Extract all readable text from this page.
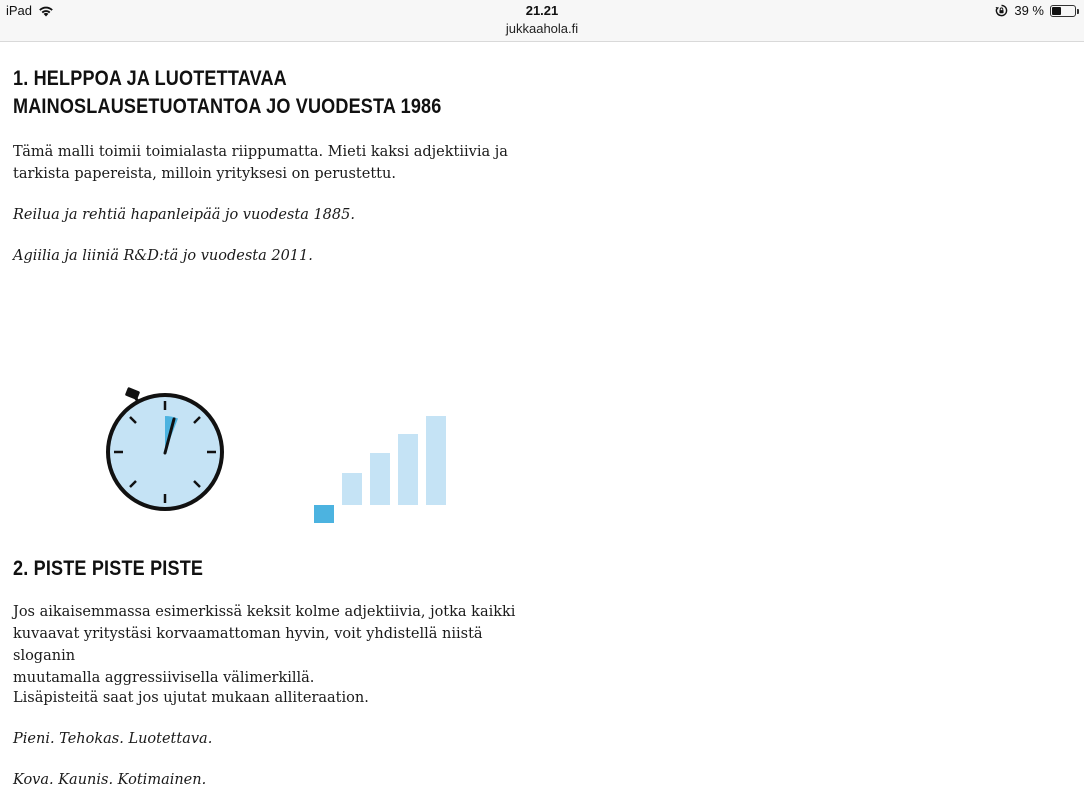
iPad	21.21
jukkaahola.fi
39 %
1. HELPPOA JA LUOTETTAVAA
MAINOSLAUSETUOTANTOA JO VUODESTA 1986

Tämä malli toimii toimialasta riippumatta. Mieti kaksi adjektiivia ja
tarkista papereista, milloin yrityksesi on perustettu.

Reilua ja rehtiä hapanleipää jo vuodesta 1885.

Agiilia ja liiniä R&D:tä jo vuodesta 2011.

2. PISTE PISTE PISTE

Jos aikaisemmassa esimerkissä keksit kolme adjektiivia, jotka kaikki
kuvaavat yritystäsi korvaamattoman hyvin, voit yhdistellä niistä sloganin
muutamalla aggressiivisella välimerkillä.

Lisäpisteitä saat jos ujutat mukaan alliteraation.

Pieni. Tehokas. Luotettava.

Kova. Kaunis. Kotimainen.
